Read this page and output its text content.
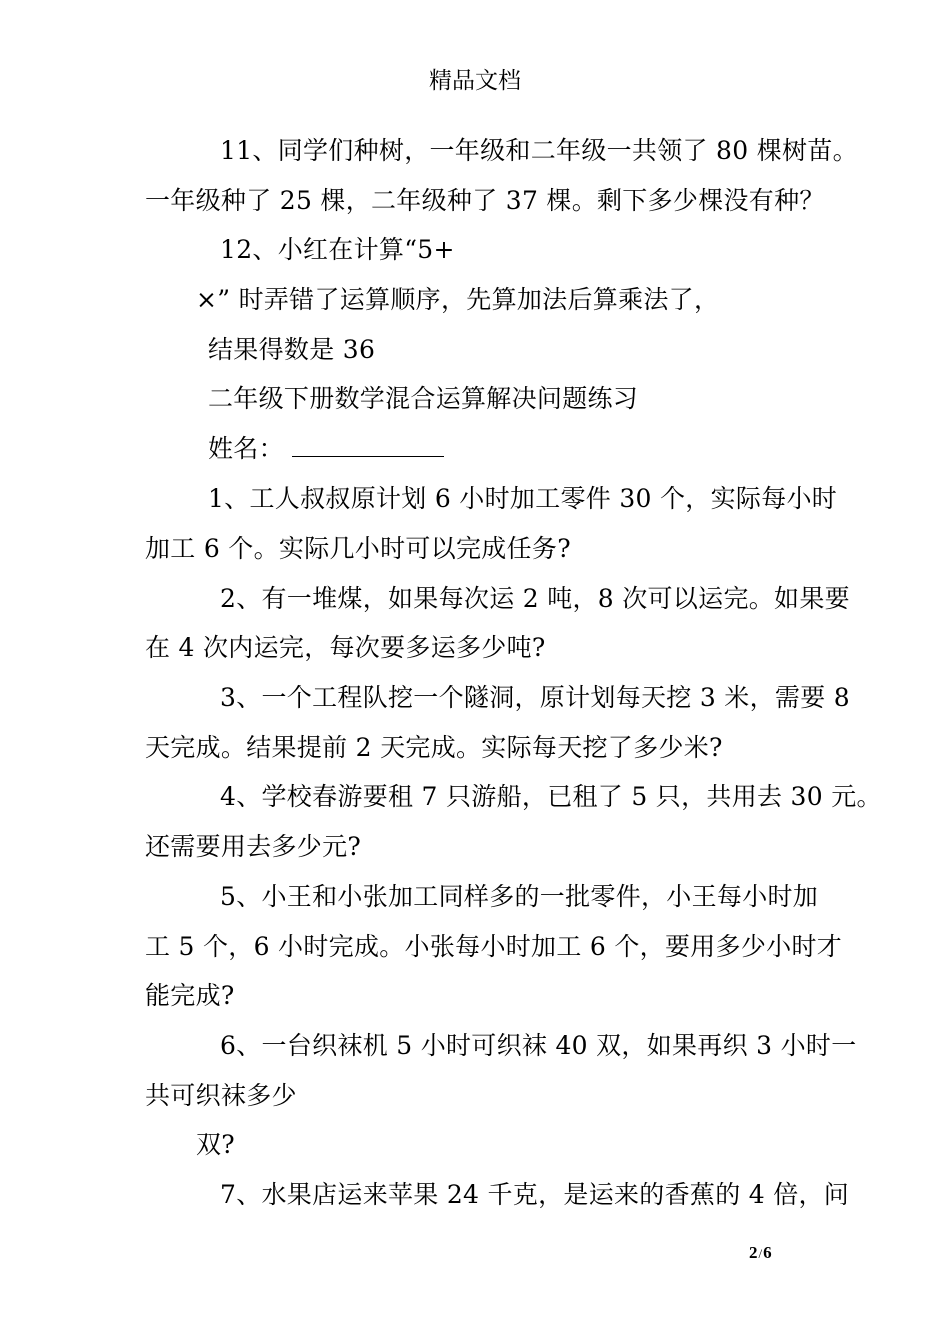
精品文档
11、同学们种树，一年级和二年级一共领了 80 棵树苗。
一年级种了 25 棵，二年级种了 37 棵。剩下多少棵没有种？
12、小红在计算“5+
×” 时弄错了运算顺序，先算加法后算乘法了，
结果得数是 36
二年级下册数学混合运算解决问题练习
姓名：
1、工人叔叔原计划 6 小时加工零件 30 个，实际每小时
加工 6 个。实际几小时可以完成任务?
2、有一堆煤，如果每次运 2 吨，8 次可以运完。如果要
在 4 次内运完，每次要多运多少吨?
3、一个工程队挖一个隧洞，原计划每天挖 3 米，需要 8
天完成。结果提前 2 天完成。实际每天挖了多少米?
4、学校春游要租 7 只游船，已租了 5 只，共用去 30 元。
还需要用去多少元?
5、小王和小张加工同样多的一批零件，小王每小时加
工 5 个，6 小时完成。小张每小时加工 6 个，要用多少小时才
能完成?
6、一台织袜机 5 小时可织袜 40 双，如果再织 3 小时一
共可织袜多少
双?
7、水果店运来苹果 24 千克，是运来的香蕉的 4 倍，问
2/6
